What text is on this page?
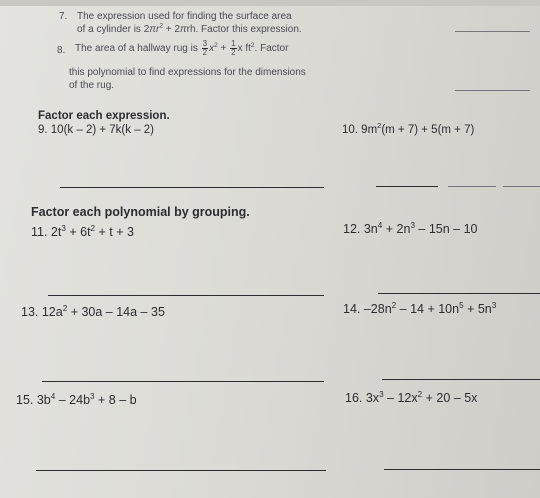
7. The expression used for finding the surface area
of a cylinder is $2\pi r^2 + 2\pi rh$. Factor this expression.
8. The area of a hallway rug is $\frac{3}{2} x^2 + \frac{1}{2}$ x $ft^2$. Factor
this polynomial to find expressions for the dimensions
of the rug.
Factor each expression.
9. 10(k – 2) + 7k(k – 2)	10. $9m^2(m + 7) + 5(m + 7)$
Factor each polynomial by grouping.
11. $2t^3 + 6t^2 + t + 3$	12. $3n^4 + 2n^3 - 15n - 10$
13. $12a^2 + 30a - 14a - 35$	14. $-28n^2 - 14 + 10n^5 + 5n^3$
15. $3b^4 - 24b^3 + 8 - b$	16. $3x^3 - 12x^2 + 20 - 5x$
